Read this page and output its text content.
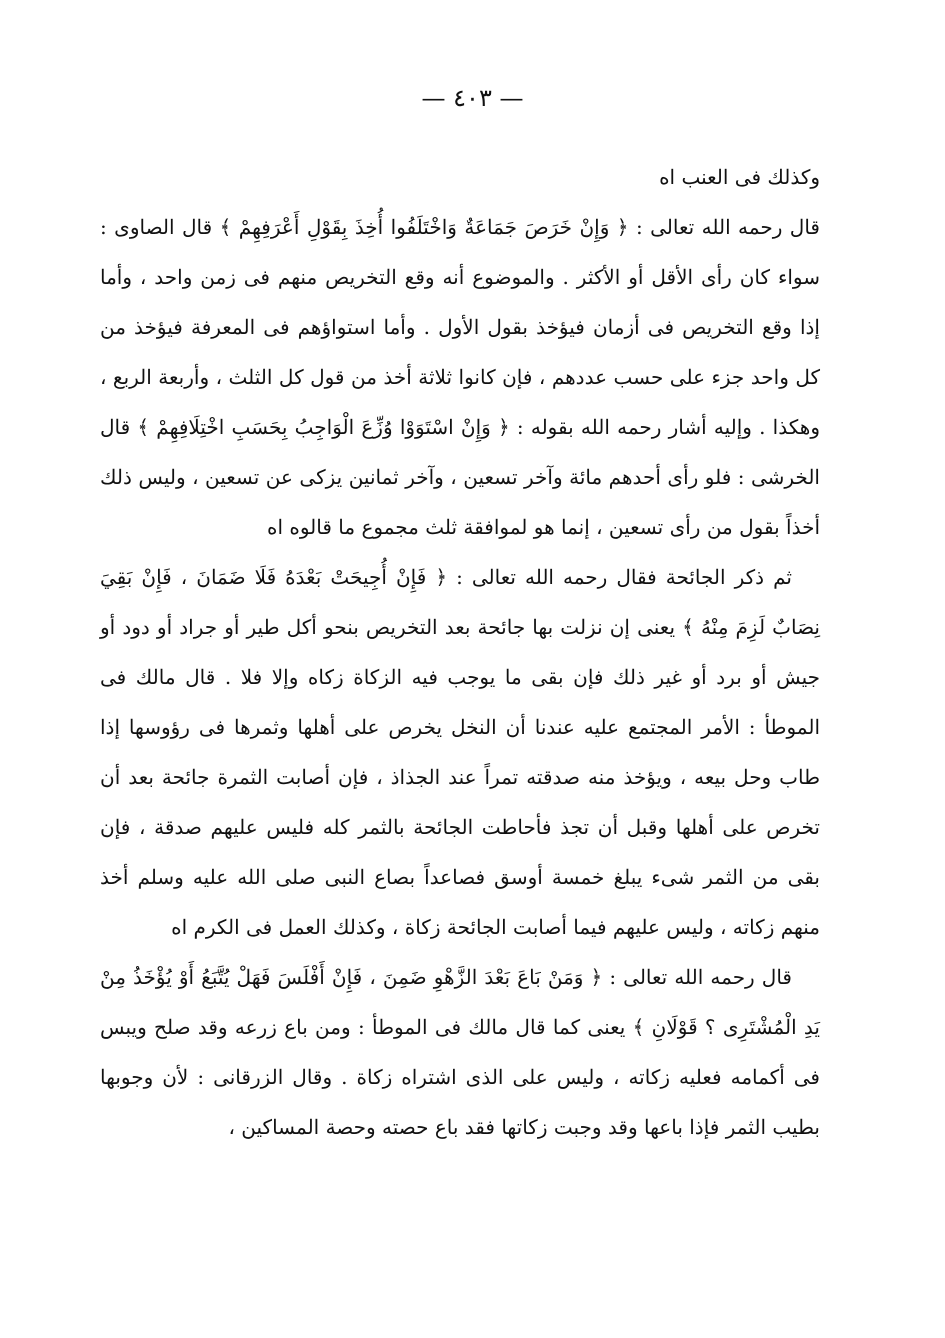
— ٤٠٣ —

وكذلك فى العنب اه

قال رحمه الله تعالى : ﴿ وَإِنْ خَرَصَ جَمَاعَةٌ وَاخْتَلَفُوا أُخِذَ بِقَوْلِ أَعْرَفِهِمْ ﴾ قال الصاوى : سواء كان رأى الأقل أو الأكثر . والموضوع أنه وقع التخريص منهم فى زمن واحد ، وأما إذا وقع التخريص فى أزمان فيؤخذ بقول الأول . وأما استواؤهم فى المعرفة فيؤخذ من كل واحد جزء على حسب عددهم ، فإن كانوا ثلاثة أخذ من قول كل الثلث ، وأربعة الربع ، وهكذا . وإليه أشار رحمه الله بقوله : ﴿ وَإِنْ اسْتَوَوْا وُزِّعَ الْوَاجِبُ بِحَسَبِ اخْتِلَافِهِمْ ﴾ قال الخرشى : فلو رأى أحدهم مائة وآخر تسعين ، وآخر ثمانين يزكى عن تسعين ، وليس ذلك أخذاً بقول من رأى تسعين ، إنما هو لموافقة ثلث مجموع ما قالوه اه

ثم ذكر الجائحة فقال رحمه الله تعالى : ﴿ فَإِنْ أُجِيحَتْ بَعْدَهُ فَلَا ضَمَانَ ، فَإِنْ بَقِيَ نِصَابٌ لَزِمَ مِنْهُ ﴾ يعنى إن نزلت بها جائحة بعد التخريص بنحو أكل طير أو جراد أو دود أو جيش أو برد أو غير ذلك فإن بقى ما يوجب فيه الزكاة زكاه وإلا فلا . قال مالك فى الموطأ : الأمر المجتمع عليه عندنا أن النخل يخرص على أهلها وثمرها فى رؤوسها إذا طاب وحل بيعه ، ويؤخذ منه صدقته تمراً عند الجذاذ ، فإن أصابت الثمرة جائحة بعد أن تخرص على أهلها وقبل أن تجذ فأحاطت الجائحة بالثمر كله فليس عليهم صدقة ، فإن بقى من الثمر شىء يبلغ خمسة أوسق فصاعداً بصاع النبى صلى الله عليه وسلم أخذ منهم زكاته ، وليس عليهم فيما أصابت الجائحة زكاة ، وكذلك العمل فى الكرم اه

قال رحمه الله تعالى : ﴿ وَمَنْ بَاعَ بَعْدَ الزَّهْوِ ضَمِنَ ، فَإِنْ أَفْلَسَ فَهَلْ يُتَّبَعُ أَوْ يُؤْخَذُ مِنْ يَدِ الْمُشْتَرِى ؟ قَوْلَانِ ﴾ يعنى كما قال مالك فى الموطأ : ومن باع زرعه وقد صلح ويبس فى أكمامه فعليه زكاته ، وليس على الذى اشتراه زكاة . وقال الزرقانى : لأن وجوبها بطيب الثمر فإذا باعها وقد وجبت زكاتها فقد باع حصته وحصة المساكين ،
